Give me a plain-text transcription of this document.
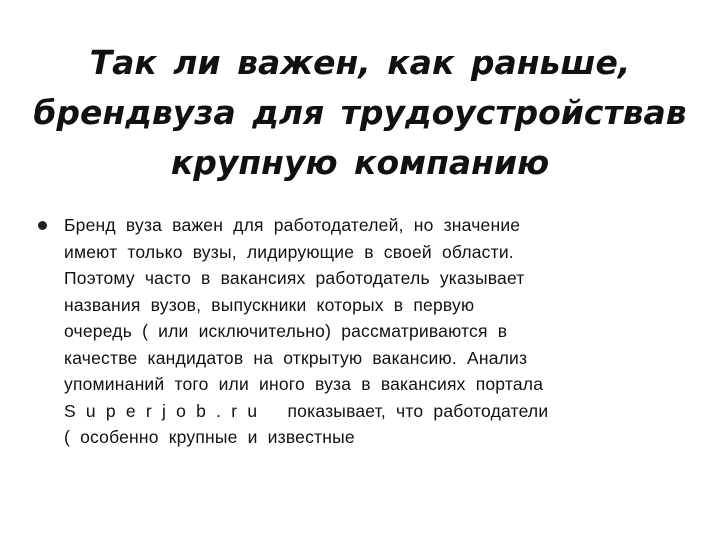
Так ли важен, как раньше,
брендвуза для трудоустройствав
крупную компанию
Бренд вуза важен для работодателей, но значение
имеют только вузы, лидирующие в своей области.
Поэтому часто в вакансиях работодатель указывает
названия вузов, выпускники которых в первую
очередь ( или исключительно) рассматриваются в
качестве кандидатов на открытую вакансию. Анализ
упоминаний того или иного вуза в вакансиях портала
S u p e r j o b . r u показывает, что работодатели
( особенно крупные и известные
